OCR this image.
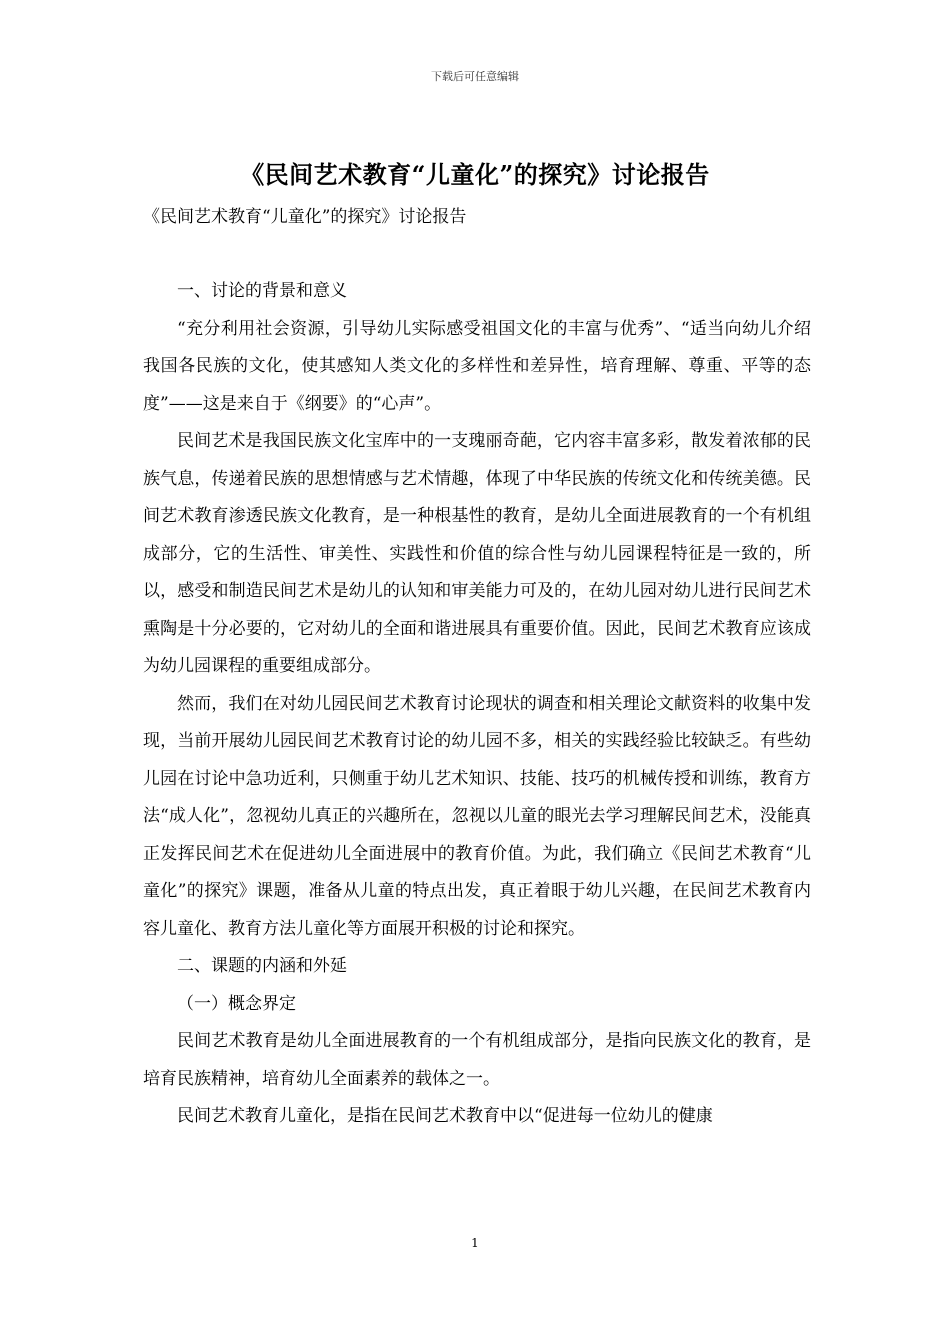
下载后可任意编辑
《民间艺术教育“儿童化”的探究》讨论报告
《民间艺术教育“儿童化”的探究》讨论报告

一、讨论的背景和意义

“充分利用社会资源，引导幼儿实际感受祖国文化的丰富与优秀”、“适当向幼儿介绍我国各民族的文化，使其感知人类文化的多样性和差异性，培育理解、尊重、平等的态度”——这是来自于《纲要》的“心声”。

民间艺术是我国民族文化宝库中的一支瑰丽奇葩，它内容丰富多彩，散发着浓郁的民族气息，传递着民族的思想情感与艺术情趣，体现了中华民族的传统文化和传统美德。民间艺术教育渗透民族文化教育，是一种根基性的教育，是幼儿全面进展教育的一个有机组成部分，它的生活性、审美性、实践性和价值的综合性与幼儿园课程特征是一致的，所以，感受和制造民间艺术是幼儿的认知和审美能力可及的，在幼儿园对幼儿进行民间艺术熏陶是十分必要的，它对幼儿的全面和谐进展具有重要价值。因此，民间艺术教育应该成为幼儿园课程的重要组成部分。

然而，我们在对幼儿园民间艺术教育讨论现状的调查和相关理论文献资料的收集中发现，当前开展幼儿园民间艺术教育讨论的幼儿园不多，相关的实践经验比较缺乏。有些幼儿园在讨论中急功近利，只侧重于幼儿艺术知识、技能、技巧的机械传授和训练，教育方法“成人化”，忽视幼儿真正的兴趣所在，忽视以儿童的眼光去学习理解民间艺术，没能真正发挥民间艺术在促进幼儿全面进展中的教育价值。为此，我们确立《民间艺术教育“儿童化”的探究》课题，准备从儿童的特点出发，真正着眼于幼儿兴趣，在民间艺术教育内容儿童化、教育方法儿童化等方面展开积极的讨论和探究。

二、课题的内涵和外延

（一）概念界定

民间艺术教育是幼儿全面进展教育的一个有机组成部分，是指向民族文化的教育，是培育民族精神，培育幼儿全面素养的载体之一。

民间艺术教育儿童化，是指在民间艺术教育中以“促进每一位幼儿的健康

1
